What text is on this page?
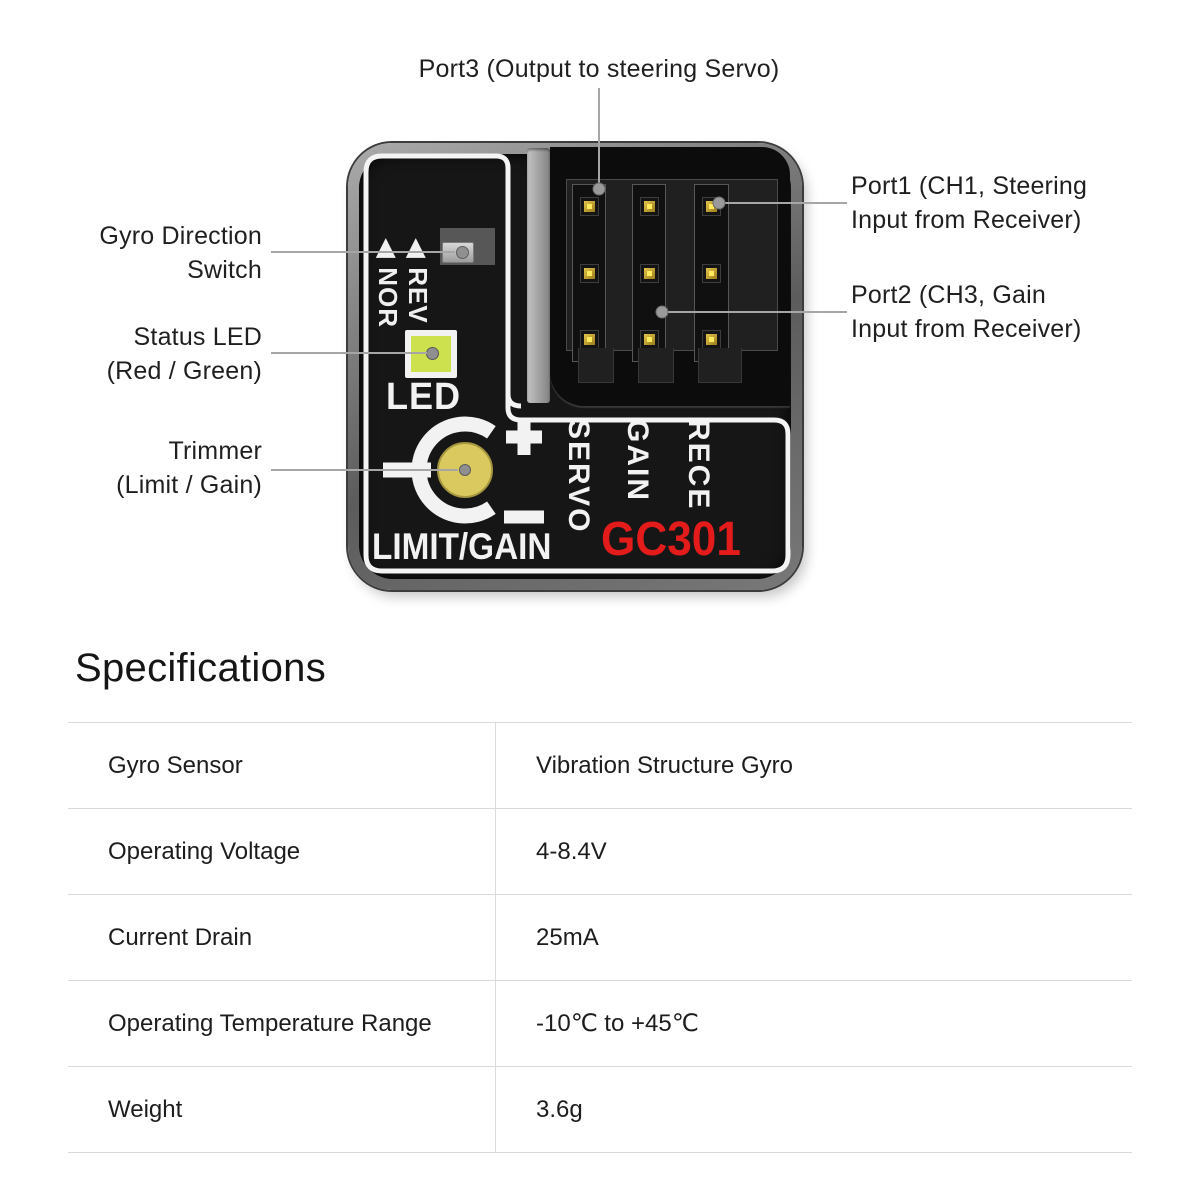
◀ REV
◀ NOR
LED
LIMIT/GAIN
SERVO GAIN RECE
GC301
Port3 (Output to steering Servo)
Gyro Direction
Switch
Status LED
(Red / Green)
Trimmer
(Limit / Gain)
Port1 (CH1, Steering
Input from Receiver)
Port2 (CH3, Gain
Input from Receiver)
Specifications
Gyro Sensor	Vibration Structure Gyro
Operating Voltage	4-8.4V
Current Drain	25mA
Operating Temperature Range	-10℃ to +45℃
Weight	3.6g
